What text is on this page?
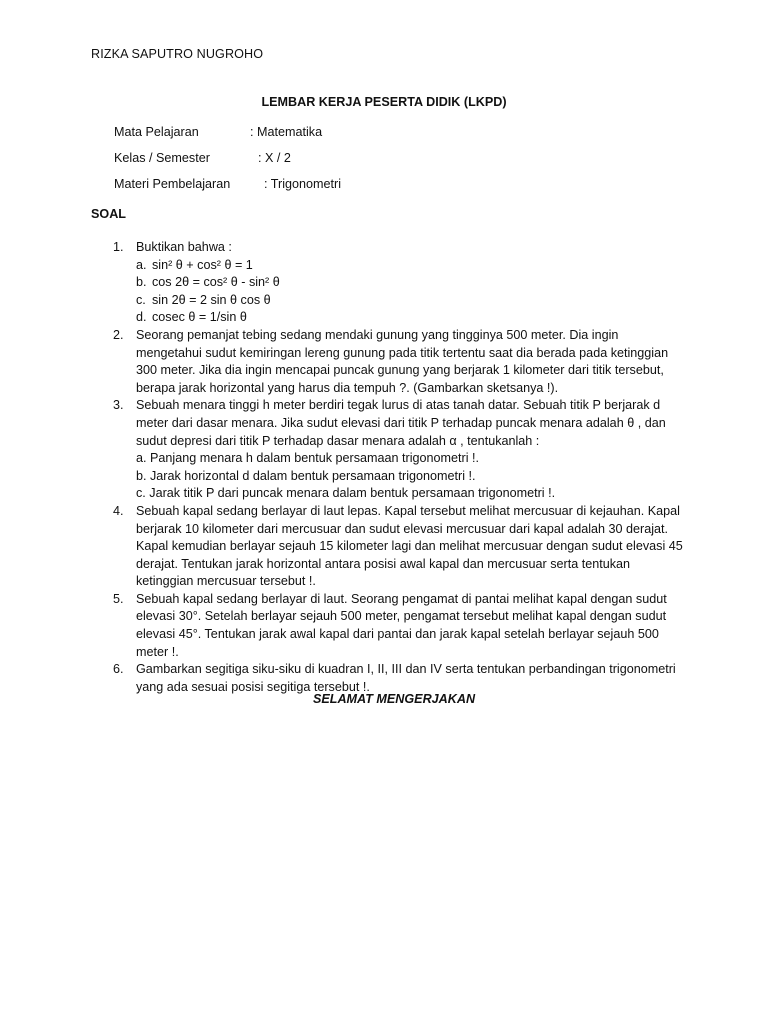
RIZKA SAPUTRO NUGROHO
LEMBAR KERJA PESERTA DIDIK (LKPD)
Mata Pelajaran	: Matematika
Kelas / Semester	: X / 2
Materi Pembelajaran	: Trigonometri
SOAL
1. Buktikan bahwa :
a. sin² θ + cos² θ = 1
b. cos 2θ = cos² θ - sin² θ
c. sin 2θ = 2 sin θ cos θ
d. cosec θ = 1/sin θ
2. Seorang pemanjat tebing sedang mendaki gunung yang tingginya 500 meter. Dia ingin mengetahui sudut kemiringan lereng gunung pada titik tertentu saat dia berada pada ketinggian 300 meter. Jika dia ingin mencapai puncak gunung yang berjarak 1 kilometer dari titik tersebut, berapa jarak horizontal yang harus dia tempuh ?. (Gambarkan sketsanya !).
3. Sebuah menara tinggi h meter berdiri tegak lurus di atas tanah datar. Sebuah titik P berjarak d meter dari dasar menara. Jika sudut elevasi dari titik P terhadap puncak menara adalah θ , dan sudut depresi dari titik P terhadap dasar menara adalah α , tentukanlah :
a. Panjang menara h dalam bentuk persamaan trigonometri !.
b. Jarak horizontal d dalam bentuk persamaan trigonometri !.
c. Jarak titik P dari puncak menara dalam bentuk persamaan trigonometri !.
4. Sebuah kapal sedang berlayar di laut lepas. Kapal tersebut melihat mercusuar di kejauhan. Kapal berjarak 10 kilometer dari mercusuar dan sudut elevasi mercusuar dari kapal adalah 30 derajat. Kapal kemudian berlayar sejauh 15 kilometer lagi dan melihat mercusuar dengan sudut elevasi 45 derajat. Tentukan jarak horizontal antara posisi awal kapal dan mercusuar serta tentukan ketinggian mercusuar tersebut !.
5. Sebuah kapal sedang berlayar di laut. Seorang pengamat di pantai melihat kapal dengan sudut elevasi 30°. Setelah berlayar sejauh 500 meter, pengamat tersebut melihat kapal dengan sudut elevasi 45°. Tentukan jarak awal kapal dari pantai dan jarak kapal setelah berlayar sejauh 500 meter !.
6. Gambarkan segitiga siku-siku di kuadran I, II, III dan IV serta tentukan perbandingan trigonometri yang ada sesuai posisi segitiga tersebut !.
SELAMAT MENGERJAKAN
